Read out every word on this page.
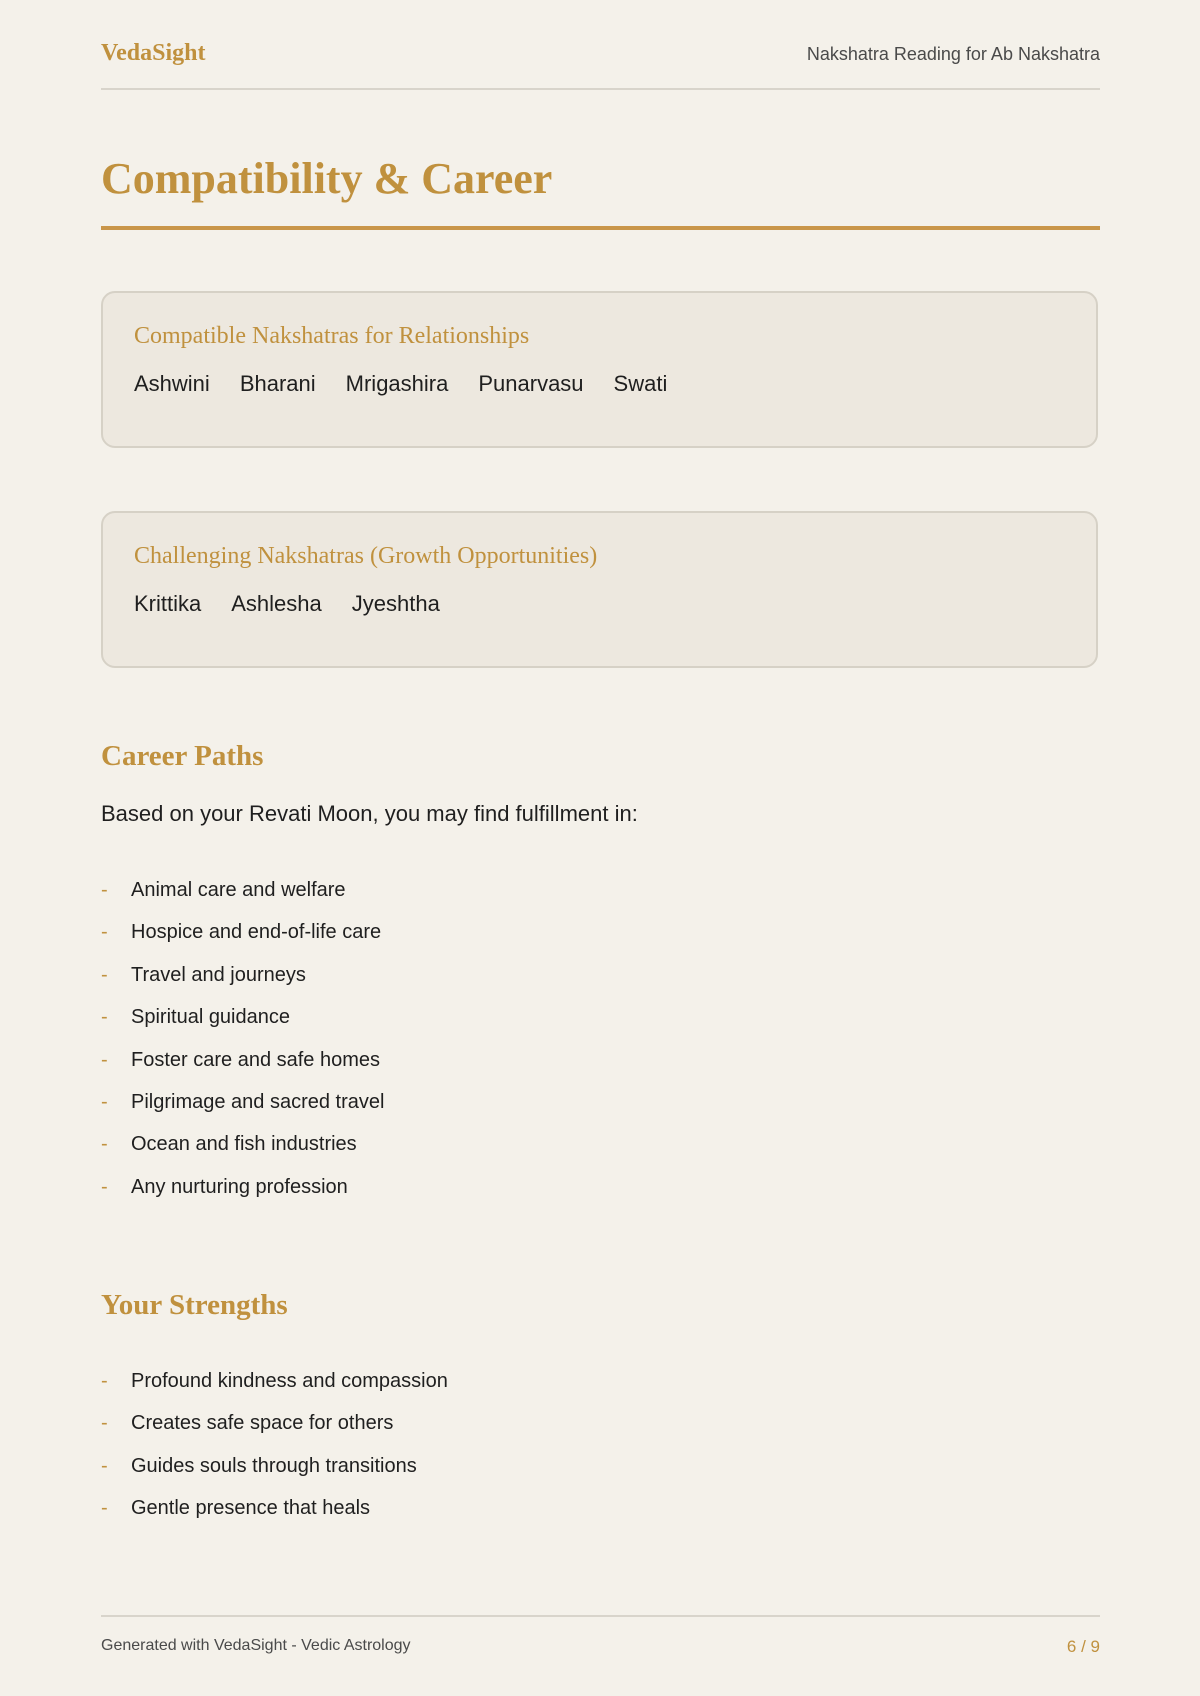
VedaSight	Nakshatra Reading for Ab Nakshatra
Compatibility & Career
Compatible Nakshatras for Relationships
Ashwini Bharani Mrigashira Punarvasu Swati
Challenging Nakshatras (Growth Opportunities)
Krittika Ashlesha Jyeshtha
Career Paths

Based on your Revati Moon, you may find fulfillment in:

- Animal care and welfare
- Hospice and end-of-life care
- Travel and journeys
- Spiritual guidance
- Foster care and safe homes
- Pilgrimage and sacred travel
- Ocean and fish industries
- Any nurturing profession
Your Strengths
- Profound kindness and compassion
- Creates safe space for others
- Guides souls through transitions
- Gentle presence that heals
Generated with VedaSight - Vedic Astrology	6 / 9
